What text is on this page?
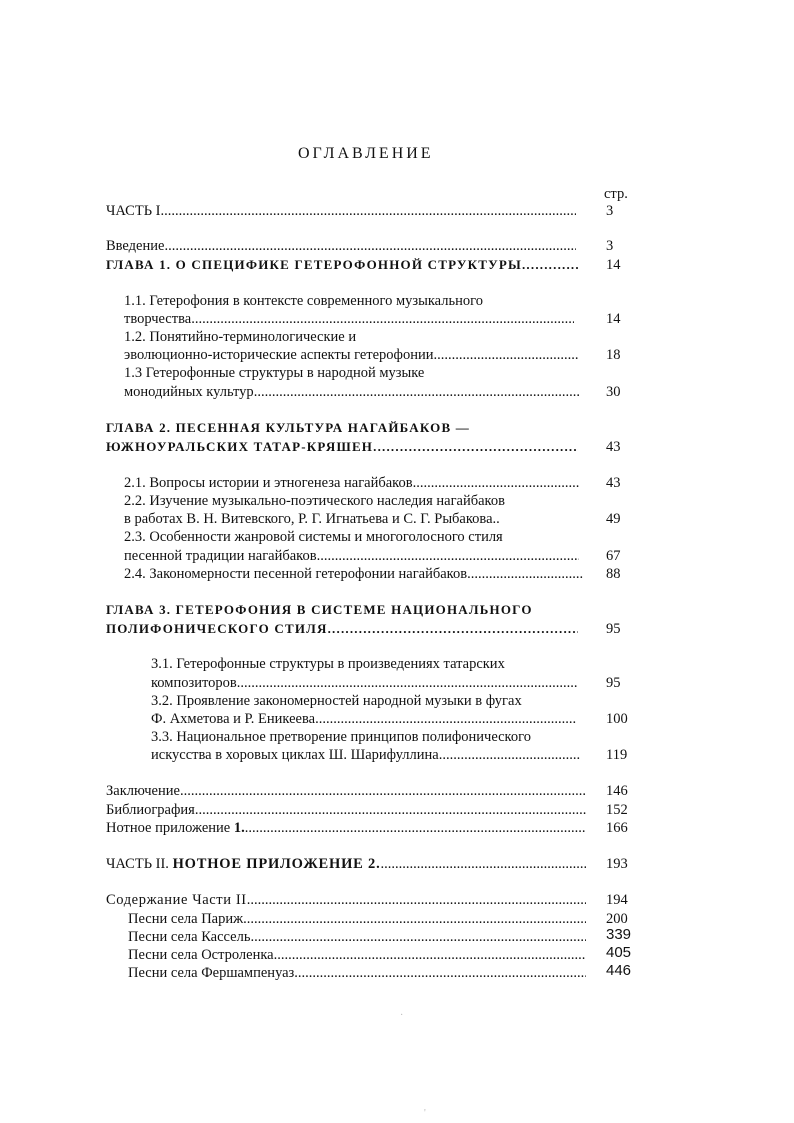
ОГЛАВЛЕНИЕ
стр.
ЧАСТЬ I .....	3
Введение .....	3
ГЛАВА 1. О СПЕЦИФИКЕ ГЕТЕРОФОННОЙ СТРУКТУРЫ .....	14
1.1. Гетерофония в контексте современного музыкального
творчества .....	14
1.2. Понятийно-терминологические и
эволюционно-исторические аспекты гетерофонии .....	18
1.3 Гетерофонные структуры в народной музыке
монодийных культур .....	30
ГЛАВА 2. ПЕСЕННАЯ КУЛЬТУРА НАГАЙБАКОВ —
ЮЖНОУРАЛЬСКИХ ТАТАР-КРЯШЕН .....	43
2.1. Вопросы истории и этногенеза нагайбаков .....	43
2.2. Изучение музыкально-поэтического наследия нагайбаков
в работах В. Н. Витевского, Р. Г. Игнатьева и С. Г. Рыбакова..	49
2.3. Особенности жанровой системы и многоголосного стиля
песенной традиции нагайбаков .....	67
2.4. Закономерности песенной гетерофонии нагайбаков .....	88
ГЛАВА 3. ГЕТЕРОФОНИЯ В СИСТЕМЕ НАЦИОНАЛЬНОГО
ПОЛИФОНИЧЕСКОГО СТИЛЯ .....	95
3.1. Гетерофонные структуры в произведениях татарских
композиторов .....	95
3.2. Проявление закономерностей народной музыки в фугах
Ф. Ахметова и Р. Еникеева .....	100
3.3. Национальное претворение принципов полифонического
искусства в хоровых циклах Ш. Шарифуллина .....	119
Заключение .....	146
Библиография .....	152
Нотное приложение 1. .....	166
ЧАСТЬ II. НОТНОЕ ПРИЛОЖЕНИЕ 2. .....	193
Содержание Части II .....	194
Песни села Париж .....	200
Песни села Кассель .....	339
Песни села Остроленка .....	405
Песни села Фершампенуаз .....	446
·
'
